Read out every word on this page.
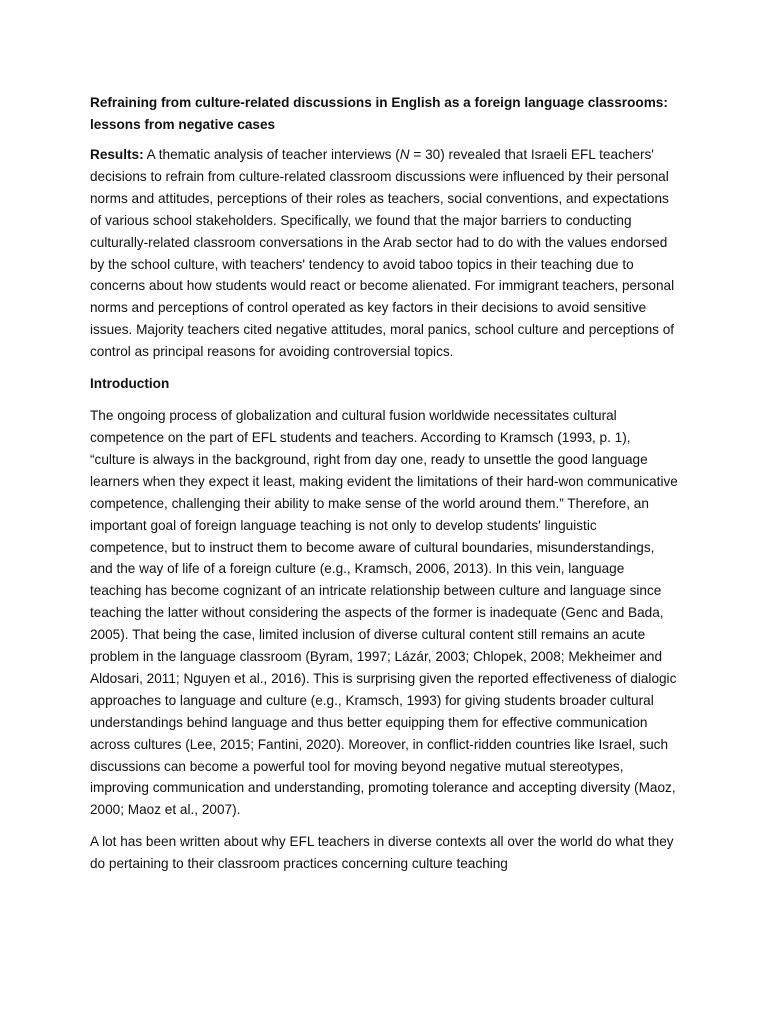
Refraining from culture-related discussions in English as a foreign language classrooms: lessons from negative cases

Results: A thematic analysis of teacher interviews (N = 30) revealed that Israeli EFL teachers' decisions to refrain from culture-related classroom discussions were influenced by their personal norms and attitudes, perceptions of their roles as teachers, social conventions, and expectations of various school stakeholders. Specifically, we found that the major barriers to conducting culturally-related classroom conversations in the Arab sector had to do with the values endorsed by the school culture, with teachers' tendency to avoid taboo topics in their teaching due to concerns about how students would react or become alienated. For immigrant teachers, personal norms and perceptions of control operated as key factors in their decisions to avoid sensitive issues. Majority teachers cited negative attitudes, moral panics, school culture and perceptions of control as principal reasons for avoiding controversial topics.

Introduction

The ongoing process of globalization and cultural fusion worldwide necessitates cultural competence on the part of EFL students and teachers. According to Kramsch (1993, p. 1), “culture is always in the background, right from day one, ready to unsettle the good language learners when they expect it least, making evident the limitations of their hard-won communicative competence, challenging their ability to make sense of the world around them.” Therefore, an important goal of foreign language teaching is not only to develop students' linguistic competence, but to instruct them to become aware of cultural boundaries, misunderstandings, and the way of life of a foreign culture (e.g., Kramsch, 2006, 2013). In this vein, language teaching has become cognizant of an intricate relationship between culture and language since teaching the latter without considering the aspects of the former is inadequate (Genc and Bada, 2005). That being the case, limited inclusion of diverse cultural content still remains an acute problem in the language classroom (Byram, 1997; Lázár, 2003; Chlopek, 2008; Mekheimer and Aldosari, 2011; Nguyen et al., 2016). This is surprising given the reported effectiveness of dialogic approaches to language and culture (e.g., Kramsch, 1993) for giving students broader cultural understandings behind language and thus better equipping them for effective communication across cultures (Lee, 2015; Fantini, 2020). Moreover, in conflict-ridden countries like Israel, such discussions can become a powerful tool for moving beyond negative mutual stereotypes, improving communication and understanding, promoting tolerance and accepting diversity (Maoz, 2000; Maoz et al., 2007).

A lot has been written about why EFL teachers in diverse contexts all over the world do what they do pertaining to their classroom practices concerning culture teaching
